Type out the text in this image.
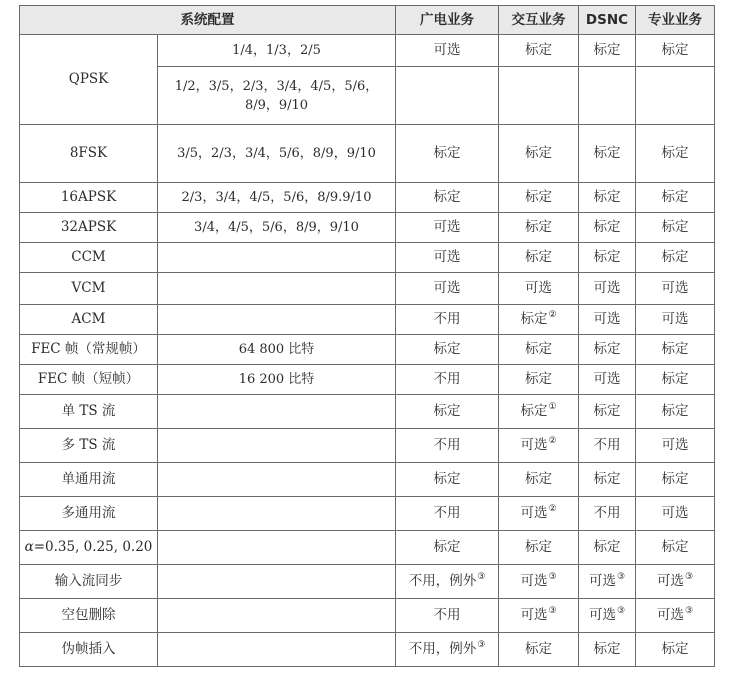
系统配置		广电业务	交互业务	DSNC	专业业务
QPSK	1/4，1/3，2/5	可选	标定	标定	标定
	1/2，3/5，2/3，3/4，4/5，5/6，8/9，9/10				
8FSK	3/5，2/3，3/4，5/6，8/9，9/10	标定	标定	标定	标定
16APSK	2/3，3/4，4/5，5/6，8/9.9/10	标定	标定	标定	标定
32APSK	3/4，4/5，5/6，8/9，9/10	可选	标定	标定	标定
CCM		可选	标定	标定	标定
VCM		可选	可选	可选	可选
ACM		不用	标定②	可选	可选
FEC 帧（常规帧）	64 800 比特	标定	标定	标定	标定
FEC 帧（短帧）	16 200 比特	不用	标定	可选	标定
单 TS 流		标定	标定①	标定	标定
多 TS 流		不用	可选②	不用	可选
单通用流		标定	标定	标定	标定
多通用流		不用	可选②	不用	可选
α=0.35, 0.25, 0.20		标定	标定	标定	标定
输入流同步		不用，例外③	可选③	可选③	可选③
空包删除		不用	可选③	可选③	可选③
伪帧插入		不用，例外③	标定	标定	标定
